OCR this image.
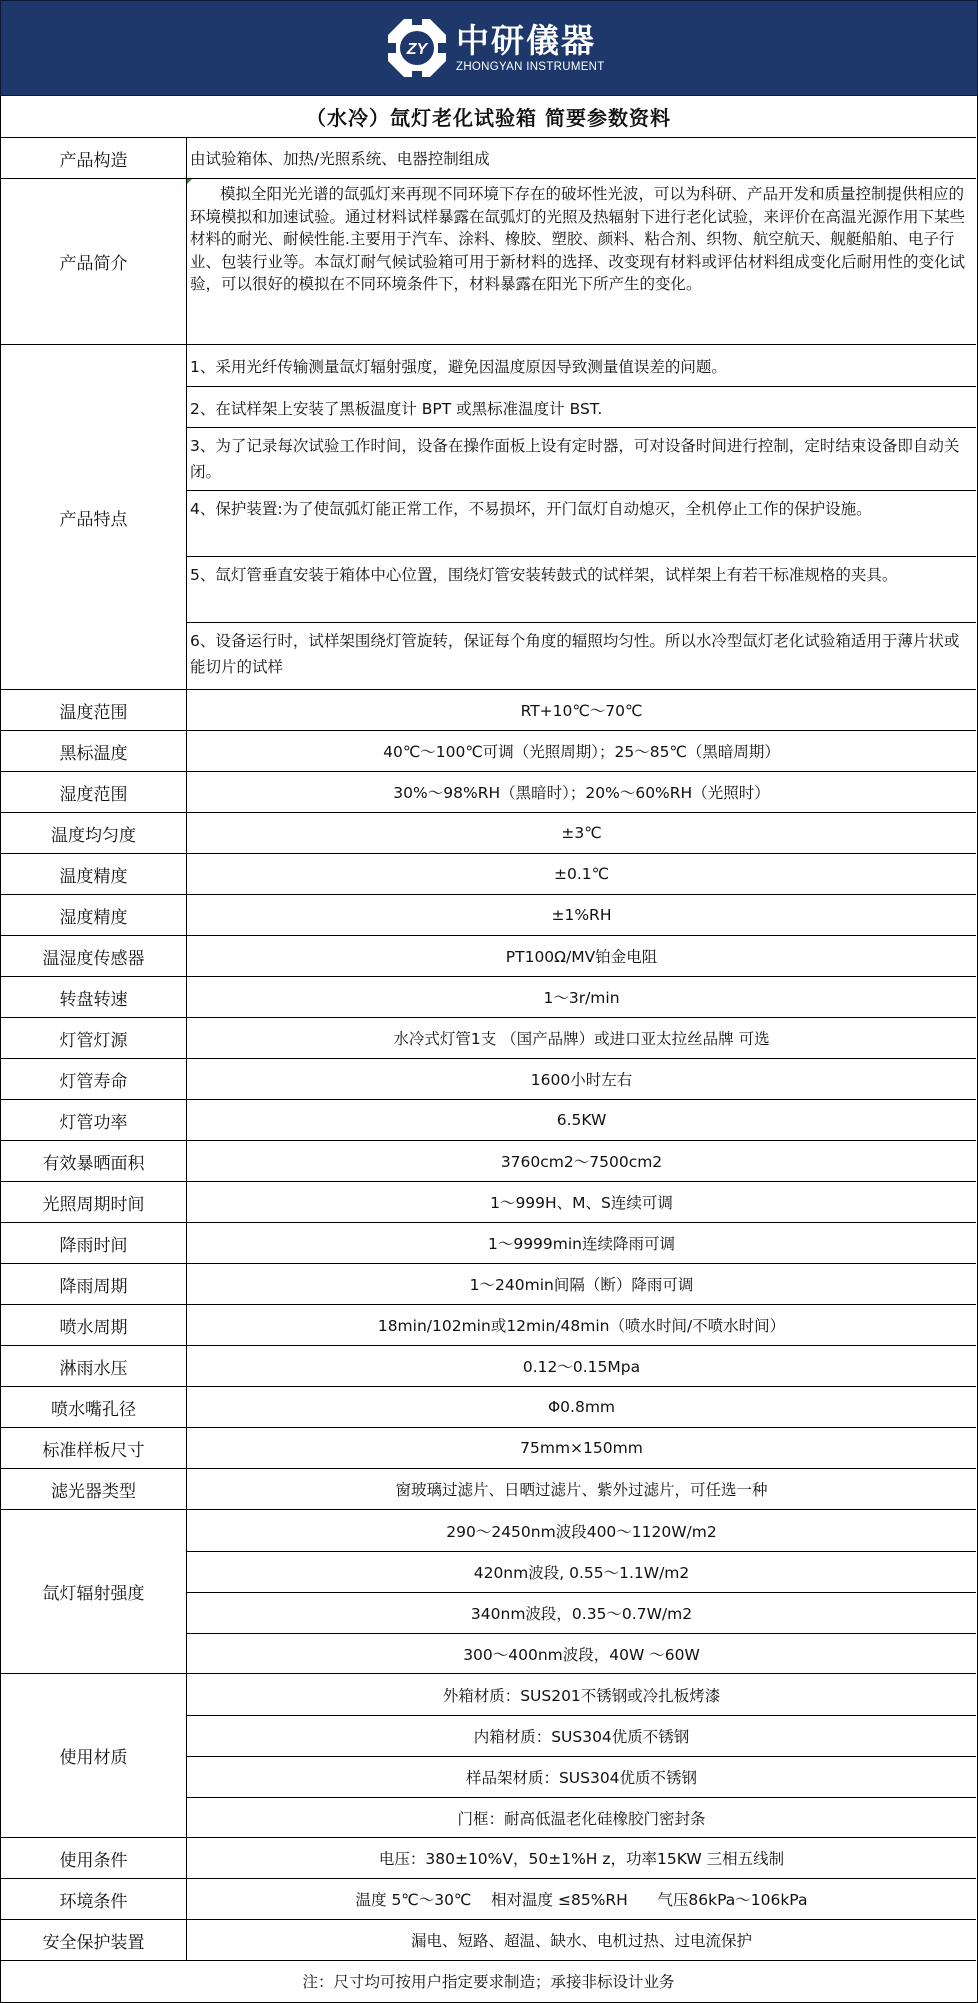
ZY 中研儀器
ZHONGYAN INSTRUMENT
（水冷）氙灯老化试验箱 简要参数资料
产品构造	由试验箱体、加热/光照系统、电器控制组成
产品简介
模拟全阳光光谱的氙弧灯来再现不同环境下存在的破坏性光波，可以为科研、产品开发和质量控制提供相应的环境模拟和加速试验。通过材料试样暴露在氙弧灯的光照及热辐射下进行老化试验，来评价在高温光源作用下某些材料的耐光、耐候性能.主要用于汽车、涂料、橡胶、塑胶、颜料、粘合剂、织物、航空航天、舰艇船舶、电子行业、包装行业等。本氙灯耐气候试验箱可用于新材料的选择、改变现有材料或评估材料组成变化后耐用性的变化试验，可以很好的模拟在不同环境条件下，材料暴露在阳光下所产生的变化。
产品特点
1、采用光纤传输测量氙灯辐射强度，避免因温度原因导致测量值误差的问题。
2、在试样架上安装了黑板温度计 BPT 或黑标准温度计 BST.
3、为了记录每次试验工作时间，设备在操作面板上设有定时器，可对设备时间进行控制，定时结束设备即自动关闭。
4、保护装置:为了使氙弧灯能正常工作，不易损坏，开门氙灯自动熄灭，全机停止工作的保护设施。
5、氙灯管垂直安装于箱体中心位置，围绕灯管安装转鼓式的试样架，试样架上有若干标准规格的夹具。
6、设备运行时，试样架围绕灯管旋转，保证每个角度的辐照均匀性。所以水冷型氙灯老化试验箱适用于薄片状或能切片的试样
温度范围	RT+10℃～70℃
黑标温度	40℃～100℃可调（光照周期）；25～85℃（黑暗周期）
湿度范围	30%～98%RH（黑暗时）；20%～60%RH（光照时）
温度均匀度	±3℃
温度精度	±0.1℃
湿度精度	±1%RH
温湿度传感器	PT100Ω/MV铂金电阻
转盘转速	1～3r/min
灯管灯源	水冷式灯管1支 （国产品牌）或进口亚太拉丝品牌 可选
灯管寿命	1600小时左右
灯管功率	6.5KW
有效暴晒面积	3760cm2～7500cm2
光照周期时间	1～999H、M、S连续可调
降雨时间	1～9999min连续降雨可调
降雨周期	1～240min间隔（断）降雨可调
喷水周期	18min/102min或12min/48min（喷水时间/不喷水时间）
淋雨水压	0.12～0.15Mpa
喷水嘴孔径	Φ0.8mm
标准样板尺寸	75mm×150mm
滤光器类型	窗玻璃过滤片、日晒过滤片、紫外过滤片，可任选一种
氙灯辐射强度
290～2450nm波段400～1120W/m2
420nm波段, 0.55～1.1W/m2
340nm波段，0.35～0.7W/m2
300～400nm波段，40W ～60W
使用材质
外箱材质：SUS201不锈钢或冷扎板烤漆
内箱材质：SUS304优质不锈钢
样品架材质：SUS304优质不锈钢
门框：耐高低温老化硅橡胶门密封条
使用条件	电压：380±10%V，50±1%H z，功率15KW 三相五线制
环境条件	温度 5℃～30℃    相对温度 ≤85%RH      气压86kPa～106kPa
安全保护装置	漏电、短路、超温、缺水、电机过热、过电流保护
注：尺寸均可按用户指定要求制造；承接非标设计业务
